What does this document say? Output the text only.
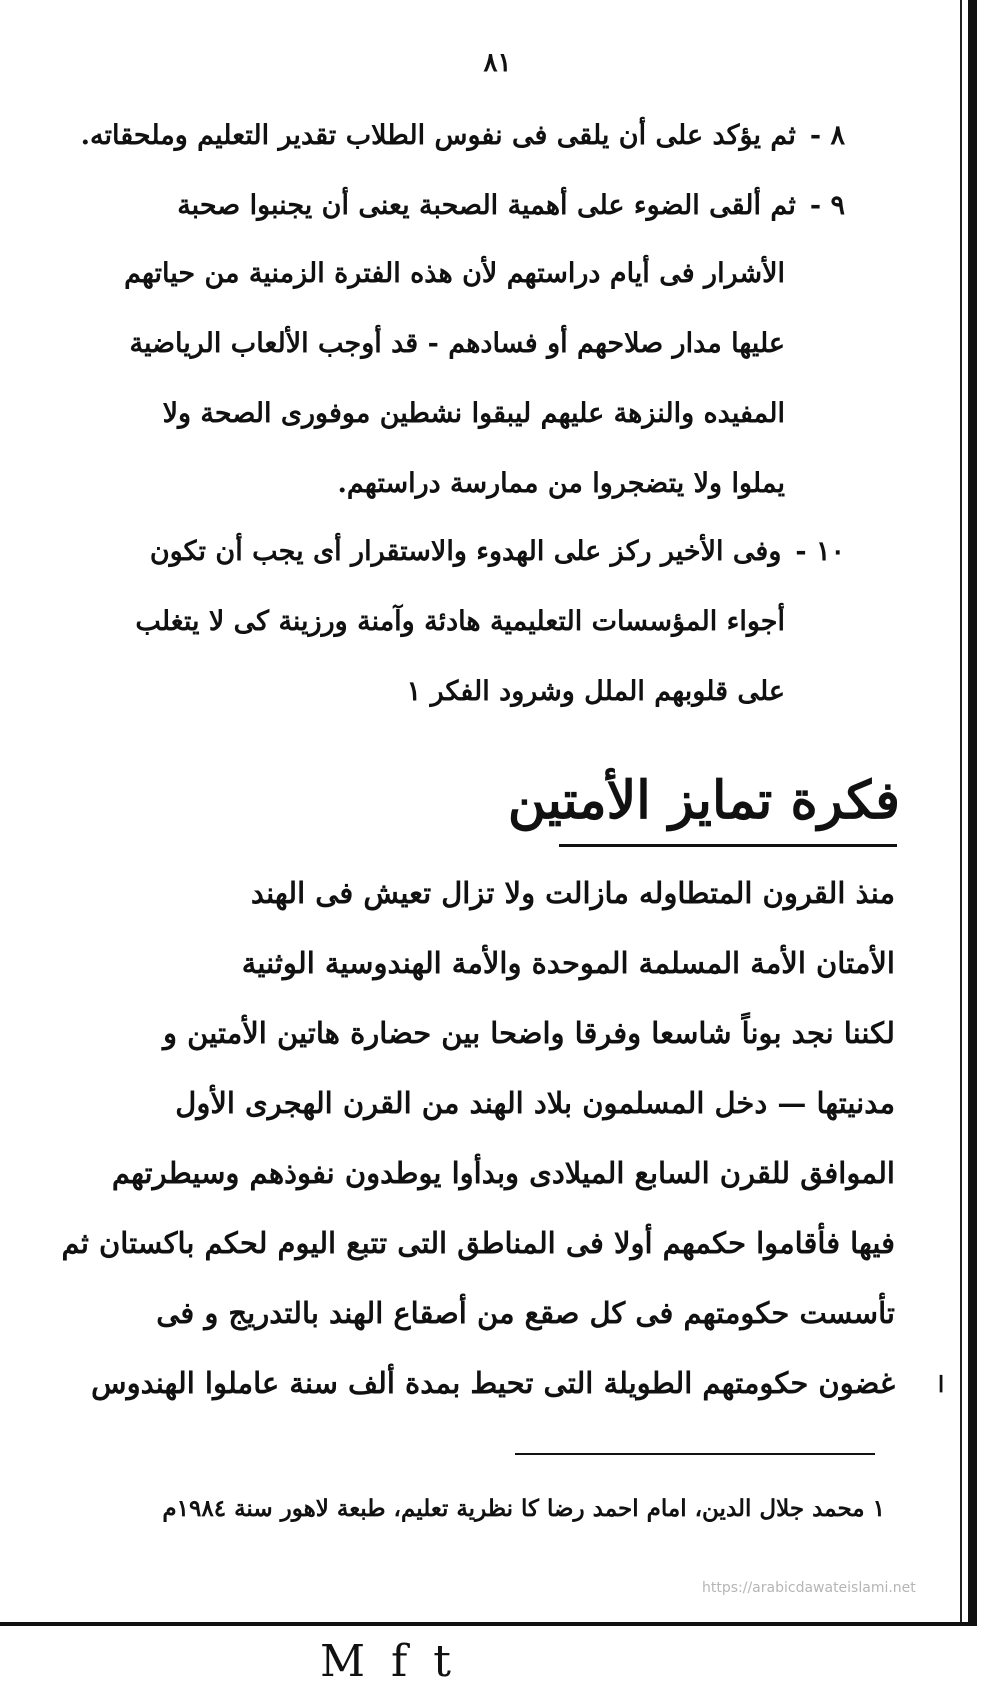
٨١
٨ -ثم يؤكد على أن يلقى فى نفوس الطلاب تقدير التعليم وملحقاته.
٩ -ثم ألقى الضوء على أهمية الصحبة يعنى أن يجنبوا صحبة
الأشرار فى أيام دراستهم لأن هذه الفترة الزمنية من حياتهم
عليها مدار صلاحهم أو فسادهم - قد أوجب الألعاب الرياضية
المفيده والنزهة عليهم ليبقوا نشطين موفورى الصحة ولا
يملوا ولا يتضجروا من ممارسة دراستهم.
١٠ -وفى الأخير ركز على الهدوء والاستقرار أى يجب أن تكون
أجواء المؤسسات التعليمية هادئة وآمنة ورزينة كى لا يتغلب
على قلوبهم الملل وشرود الفكر ١
فكرة تمايز الأمتين
منذ القرون المتطاوله مازالت ولا تزال تعيش فى الهند
الأمتان الأمة المسلمة الموحدة والأمة الهندوسية الوثنية
لكننا نجد بوناً شاسعا وفرقا واضحا بين حضارة هاتين الأمتين و
مدنيتها — دخل المسلمون بلاد الهند من القرن الهجرى الأول
الموافق للقرن السابع الميلادى وبدأوا يوطدون نفوذهم وسيطرتهم
فيها فأقاموا حكمهم أولا فى المناطق التى تتبع اليوم لحكم باكستان ثم
تأسست حكومتهم فى كل صقع من أصقاع الهند بالتدريج و فى
غضون حكومتهم الطويلة التى تحيط بمدة ألف سنة عاملوا الهندوس ا
١ محمد جلال الدين، امام احمد رضا كا نظرية تعليم، طبعة لاهور سنة ١٩٨٤م
https://arabicdawateislami.net
M f t
